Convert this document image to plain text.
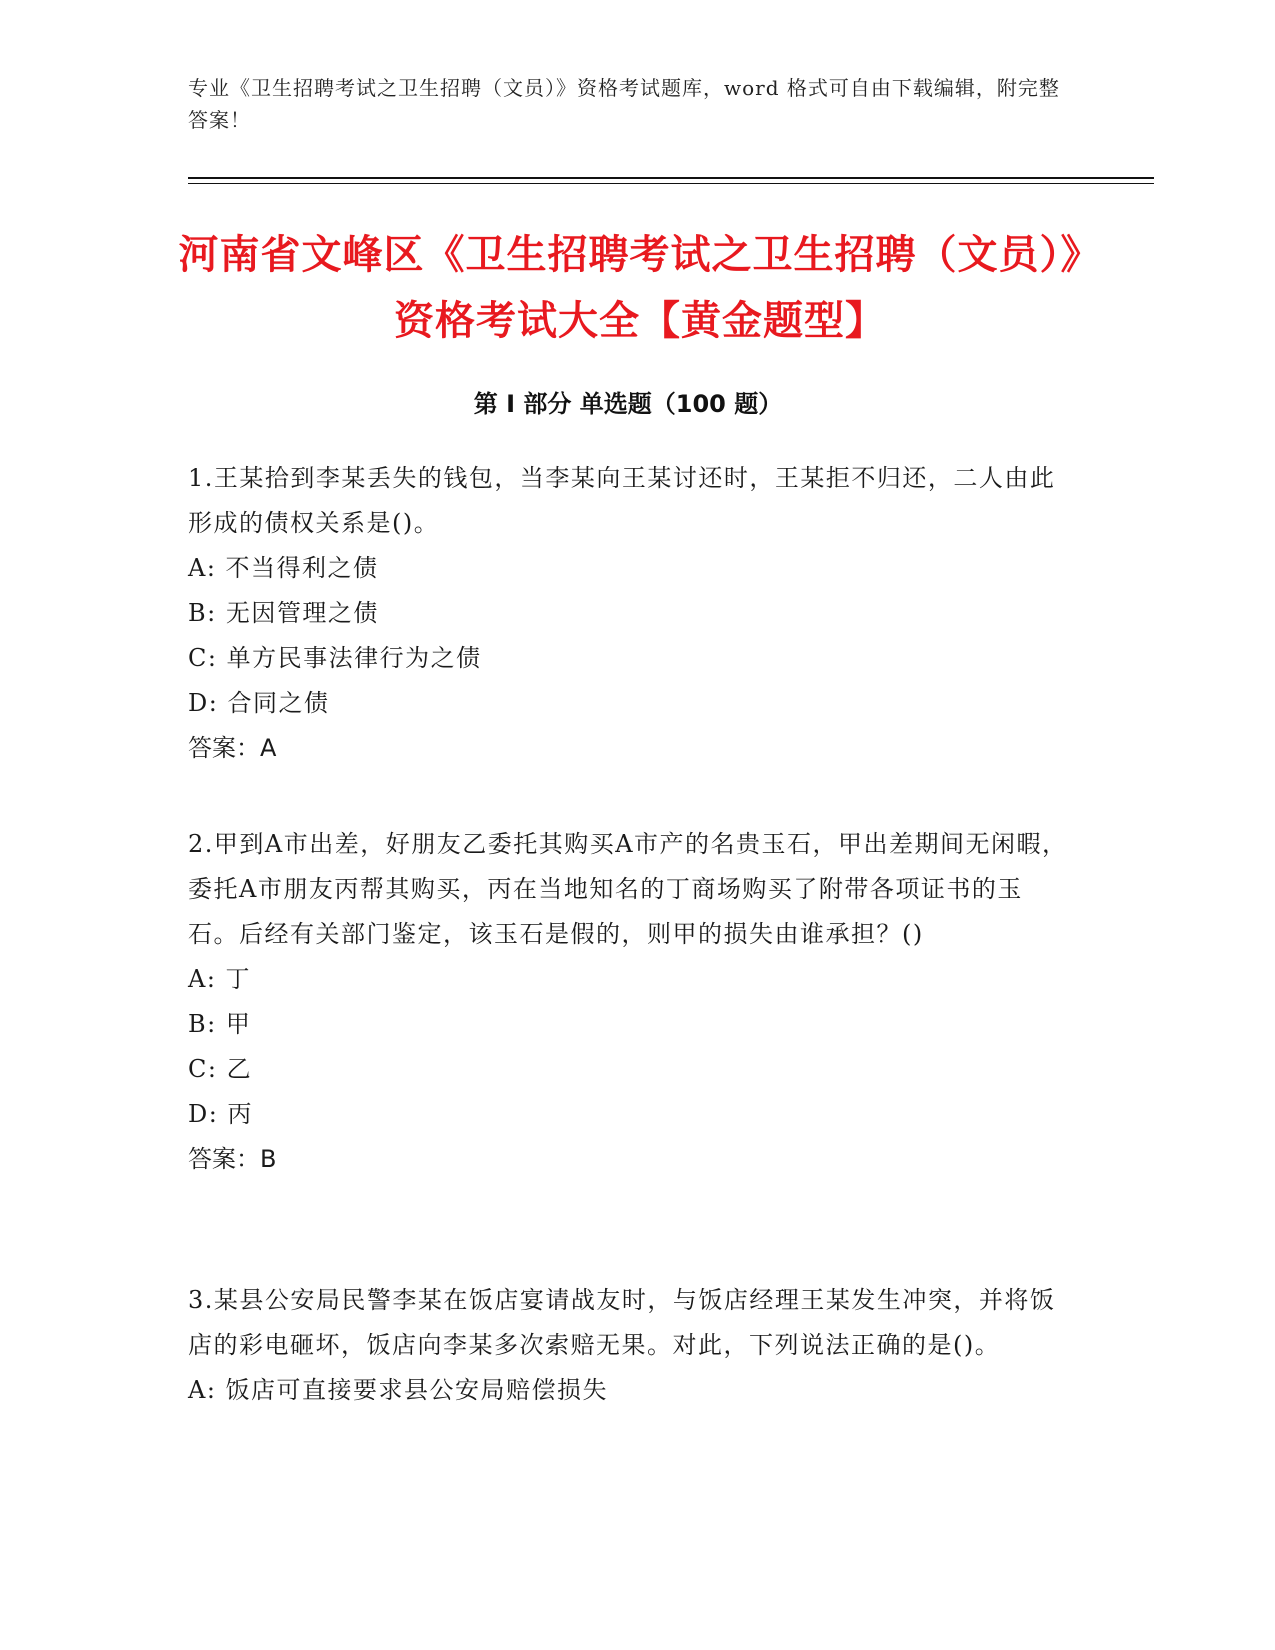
专业《卫生招聘考试之卫生招聘（文员）》资格考试题库，word 格式可自由下载编辑，附完整答案！
河南省文峰区《卫生招聘考试之卫生招聘（文员）》资格考试大全【黄金题型】
第 I 部分 单选题（100 题）

1.王某拾到李某丢失的钱包，当李某向王某讨还时，王某拒不归还，二人由此形成的债权关系是()。

A: 不当得利之债

B: 无因管理之债

C: 单方民事法律行为之债

D: 合同之债

答案：A

2.甲到A市出差，好朋友乙委托其购买A市产的名贵玉石，甲出差期间无闲暇，委托A市朋友丙帮其购买，丙在当地知名的丁商场购买了附带各项证书的玉石。后经有关部门鉴定，该玉石是假的，则甲的损失由谁承担？()

A: 丁

B: 甲

C: 乙

D: 丙

答案：B

3.某县公安局民警李某在饭店宴请战友时，与饭店经理王某发生冲突，并将饭店的彩电砸坏，饭店向李某多次索赔无果。对此，下列说法正确的是()。

A: 饭店可直接要求县公安局赔偿损失
